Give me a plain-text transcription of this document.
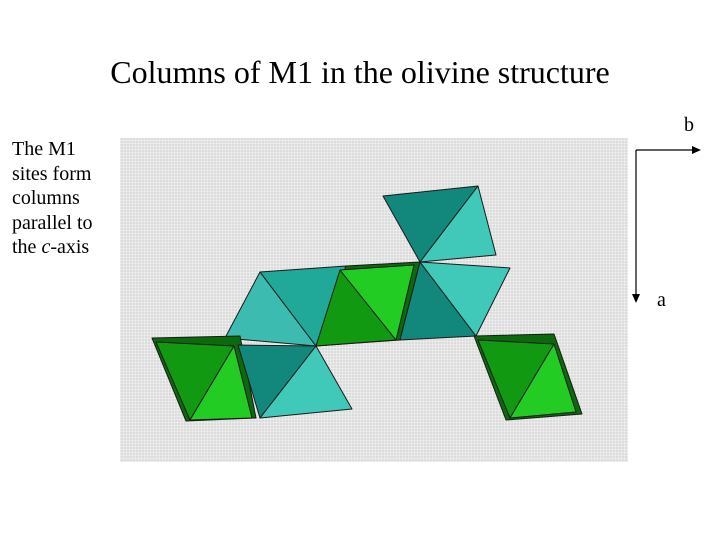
Columns of M1 in the olivine structure
The M1
sites form
columns
parallel to
the c-axis
b
a
